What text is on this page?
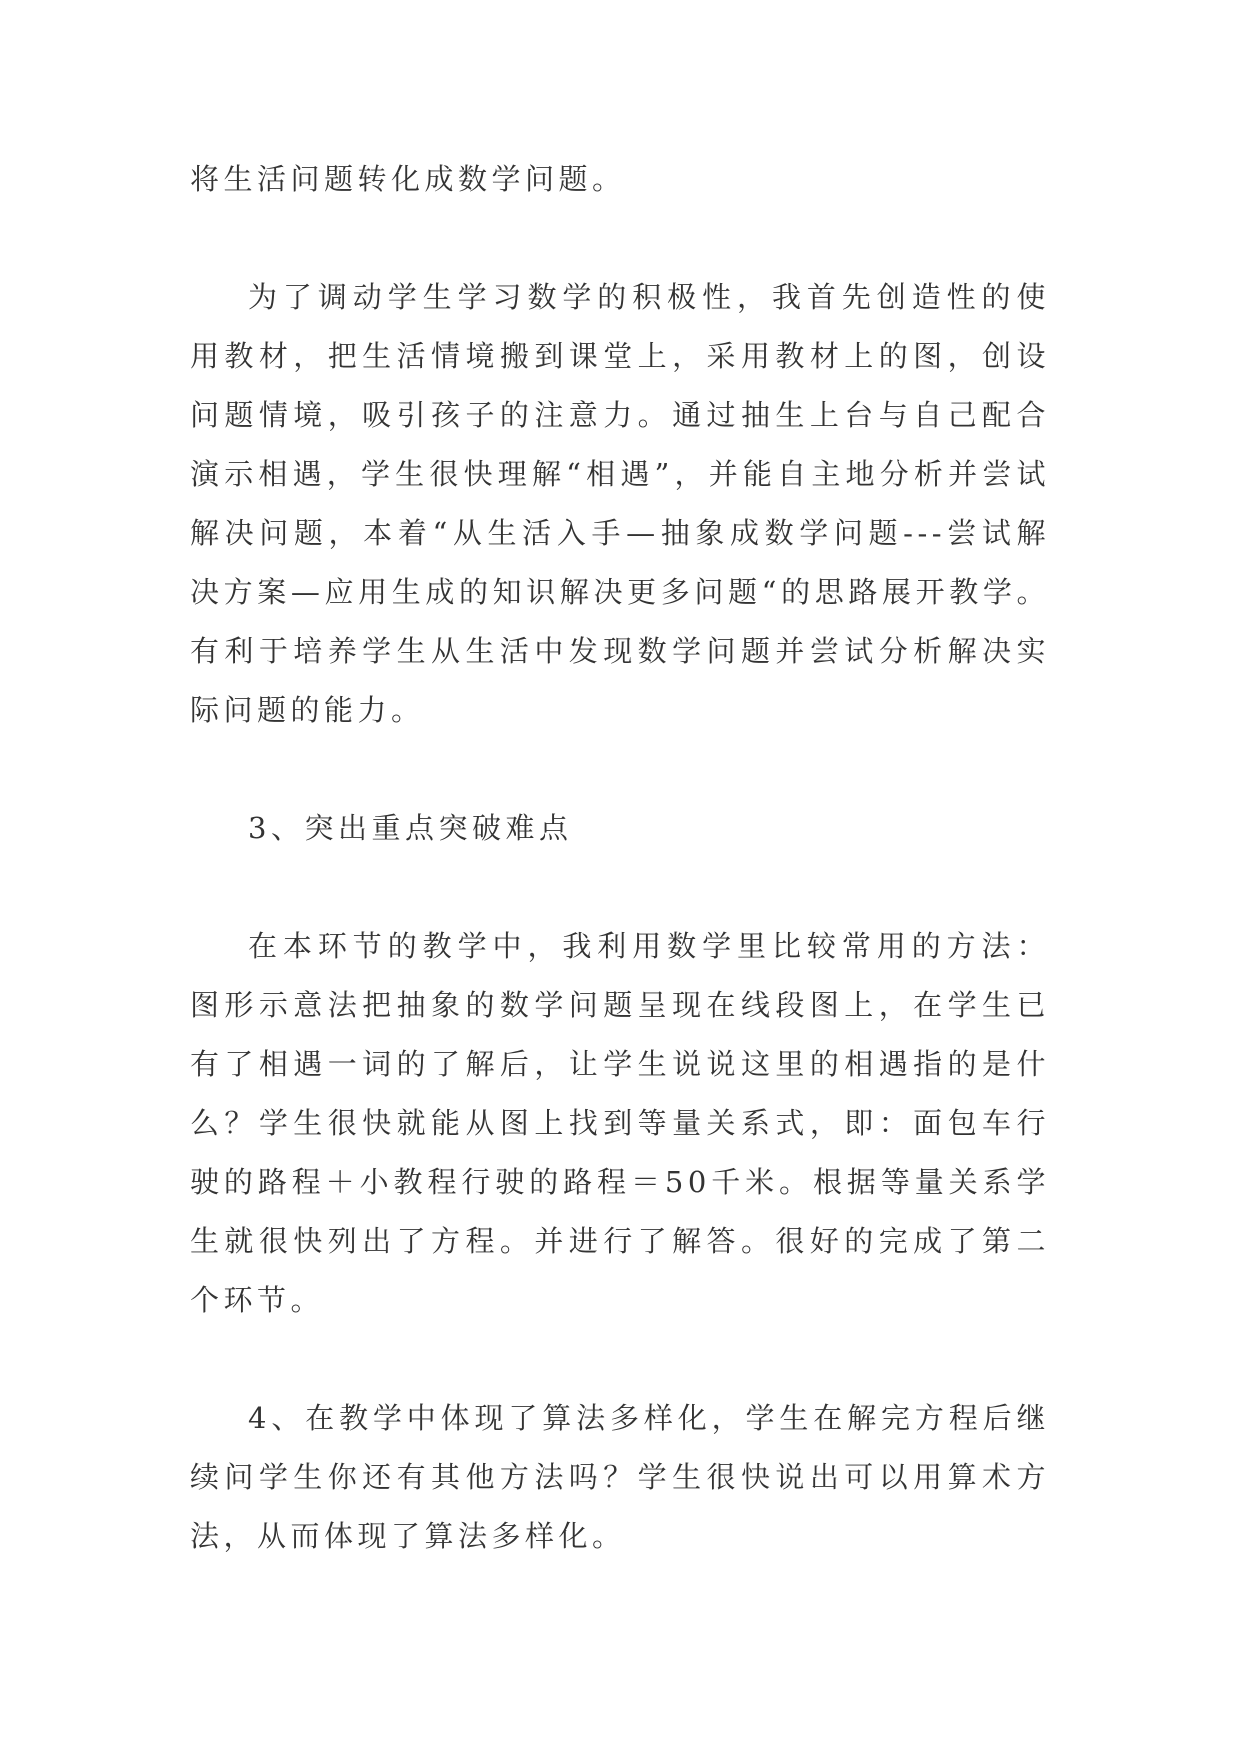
将生活问题转化成数学问题。

为了调动学生学习数学的积极性，我首先创造性的使用教材，把生活情境搬到课堂上，采用教材上的图，创设问题情境，吸引孩子的注意力。通过抽生上台与自己配合演示相遇，学生很快理解“相遇”，并能自主地分析并尝试解决问题，本着“从生活入手—抽象成数学问题---尝试解决方案—应用生成的知识解决更多问题“的思路展开教学。有利于培养学生从生活中发现数学问题并尝试分析解决实际问题的能力。

3、突出重点突破难点

在本环节的教学中，我利用数学里比较常用的方法：图形示意法把抽象的数学问题呈现在线段图上，在学生已有了相遇一词的了解后，让学生说说这里的相遇指的是什么？学生很快就能从图上找到等量关系式，即：面包车行驶的路程＋小教程行驶的路程＝50千米。根据等量关系学生就很快列出了方程。并进行了解答。很好的完成了第二个环节。

4、在教学中体现了算法多样化，学生在解完方程后继续问学生你还有其他方法吗？学生很快说出可以用算术方法，从而体现了算法多样化。
